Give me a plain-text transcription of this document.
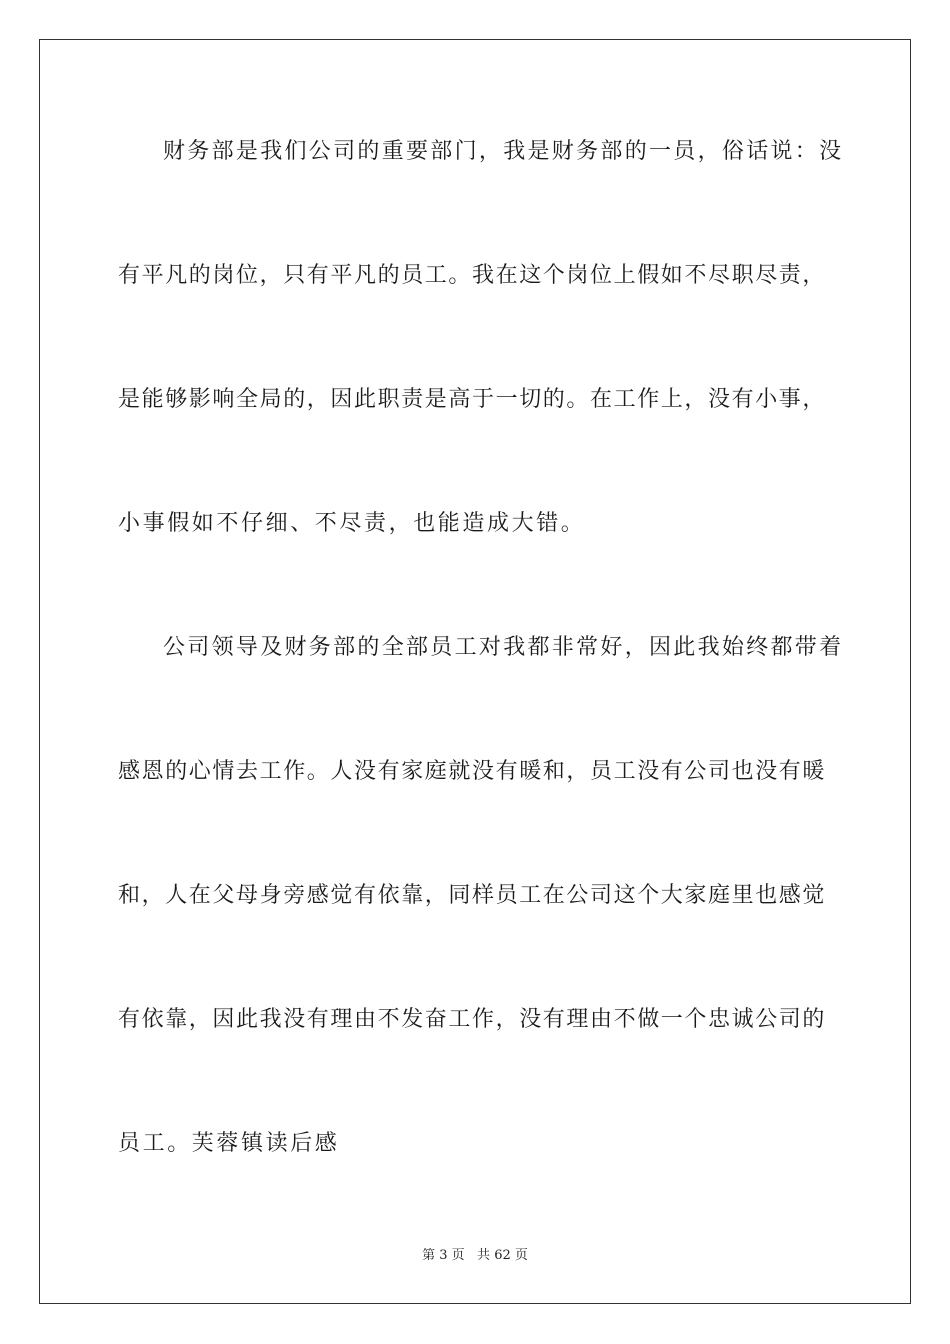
财务部是我们公司的重要部门，我是财务部的一员，俗话说：没
有平凡的岗位，只有平凡的员工。我在这个岗位上假如不尽职尽责，
是能够影响全局的，因此职责是高于一切的。在工作上，没有小事，
小事假如不仔细、不尽责，也能造成大错。
公司领导及财务部的全部员工对我都非常好，因此我始终都带着
感恩的心情去工作。人没有家庭就没有暖和，员工没有公司也没有暖
和，人在父母身旁感觉有依靠，同样员工在公司这个大家庭里也感觉
有依靠，因此我没有理由不发奋工作，没有理由不做一个忠诚公司的
员工。芙蓉镇读后感
第 3 页   共 62 页
